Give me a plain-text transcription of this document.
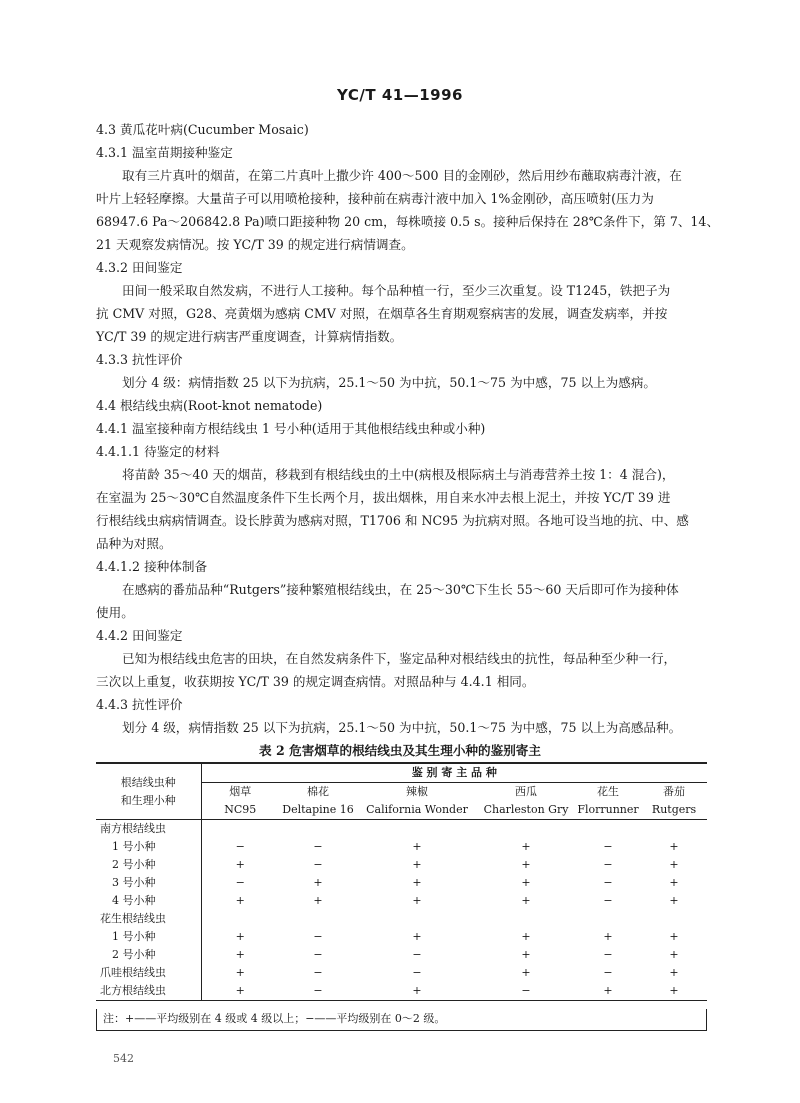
YC/T 41—1996
4.3 黄瓜花叶病(Cucumber Mosaic)
4.3.1 温室苗期接种鉴定
取有三片真叶的烟苗，在第二片真叶上撒少许 400～500 目的金刚砂，然后用纱布蘸取病毒汁液，在
叶片上轻轻摩擦。大量苗子可以用喷枪接种，接种前在病毒汁液中加入 1%金刚砂，高压喷射(压力为
68947.6 Pa～206842.8 Pa)喷口距接种物 20 cm，每株喷接 0.5 s。接种后保持在 28℃条件下，第 7、14、
21 天观察发病情况。按 YC/T 39 的规定进行病情调查。
4.3.2 田间鉴定
田间一般采取自然发病，不进行人工接种。每个品种植一行，至少三次重复。设 T1245，铁把子为
抗 CMV 对照，G28、亮黄烟为感病 CMV 对照，在烟草各生育期观察病害的发展，调查发病率，并按
YC/T 39 的规定进行病害严重度调查，计算病情指数。
4.3.3 抗性评价
划分 4 级：病情指数 25 以下为抗病，25.1～50 为中抗，50.1～75 为中感，75 以上为感病。
4.4 根结线虫病(Root-knot nematode)
4.4.1 温室接种南方根结线虫 1 号小种(适用于其他根结线虫种或小种)
4.4.1.1 待鉴定的材料
将苗龄 35～40 天的烟苗，移栽到有根结线虫的土中(病根及根际病土与消毒营养土按 1：4 混合)，
在室温为 25～30℃自然温度条件下生长两个月，拔出烟株，用自来水冲去根上泥土，并按 YC/T 39 进
行根结线虫病病情调查。设长脖黄为感病对照，T1706 和 NC95 为抗病对照。各地可设当地的抗、中、感
品种为对照。
4.4.1.2 接种体制备
在感病的番茄品种“Rutgers”接种繁殖根结线虫，在 25～30℃下生长 55～60 天后即可作为接种体
使用。
4.4.2 田间鉴定
已知为根结线虫危害的田块，在自然发病条件下，鉴定品种对根结线虫的抗性，每品种至少种一行，
三次以上重复，收获期按 YC/T 39 的规定调查病情。对照品种与 4.4.1 相同。
4.4.3 抗性评价
划分 4 级，病情指数 25 以下为抗病，25.1～50 为中抗，50.1～75 为中感，75 以上为高感品种。
表 2 危害烟草的根结线虫及其生理小种的鉴别寄主
根结线虫种
和生理小种	鉴 别 寄 主 品 种					
	烟草	棉花	辣椒	西瓜	花生	番茄
	NC95	Deltapine 16	California Wonder	Charleston Gry	Florrunner	Rutgers
南方根结线虫						
1 号小种	−	−	+	+	−	+
2 号小种	+	−	+	+	−	+
3 号小种	−	+	+	+	−	+
4 号小种	+	+	+	+	−	+
花生根结线虫						
1 号小种	+	−	+	+	+	+
2 号小种	+	−	−	+	−	+
爪哇根结线虫	+	−	−	+	−	+
北方根结线虫	+	−	+	−	+	+
注：+——平均级别在 4 级或 4 级以上；−——平均级别在 0～2 级。
542
